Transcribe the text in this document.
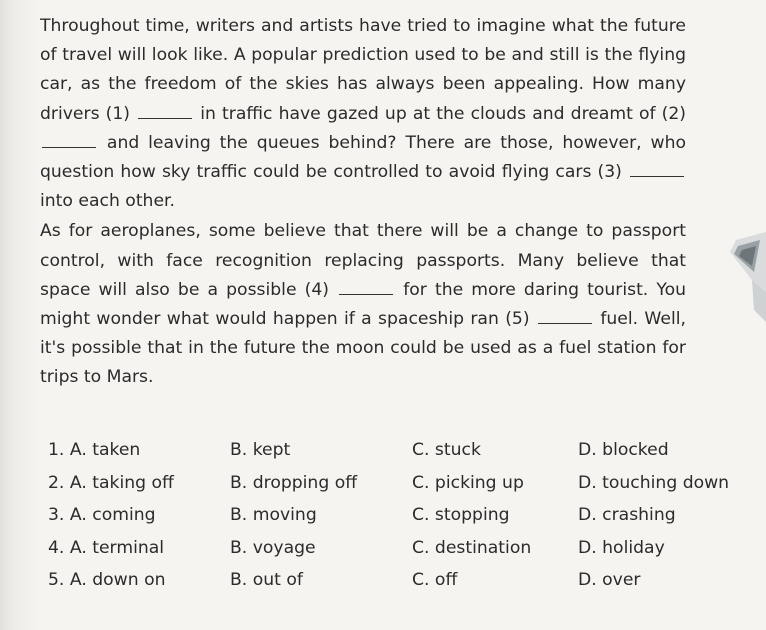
Throughout time, writers and artists have tried to imagine what the future of travel will look like. A popular prediction used to be and still is the flying car, as the freedom of the skies has always been appealing. How many drivers (1)	in traffic have gazed up at the clouds and dreamt of (2)  and leaving the queues behind? There are those, however, who question how sky traffic could be controlled to avoid flying cars (3)  into each other.

As for aeroplanes, some believe that there will be a change to passport control, with face recognition replacing passports. Many believe that space will also be a possible (4)	for the more daring tourist. You might wonder what would happen if a spaceship ran (5)	fuel. Well, it's possible that in the future the moon could be used as a fuel station for trips to Mars.

1. A. taken	B. kept	C. stuck	D. blocked
2. A. taking off	B. dropping off	C. picking up	D. touching down
3. A. coming	B. moving	C. stopping	D. crashing
4. A. terminal	B. voyage	C. destination	D. holiday
5. A. down on	B. out of	C. off	D. over
